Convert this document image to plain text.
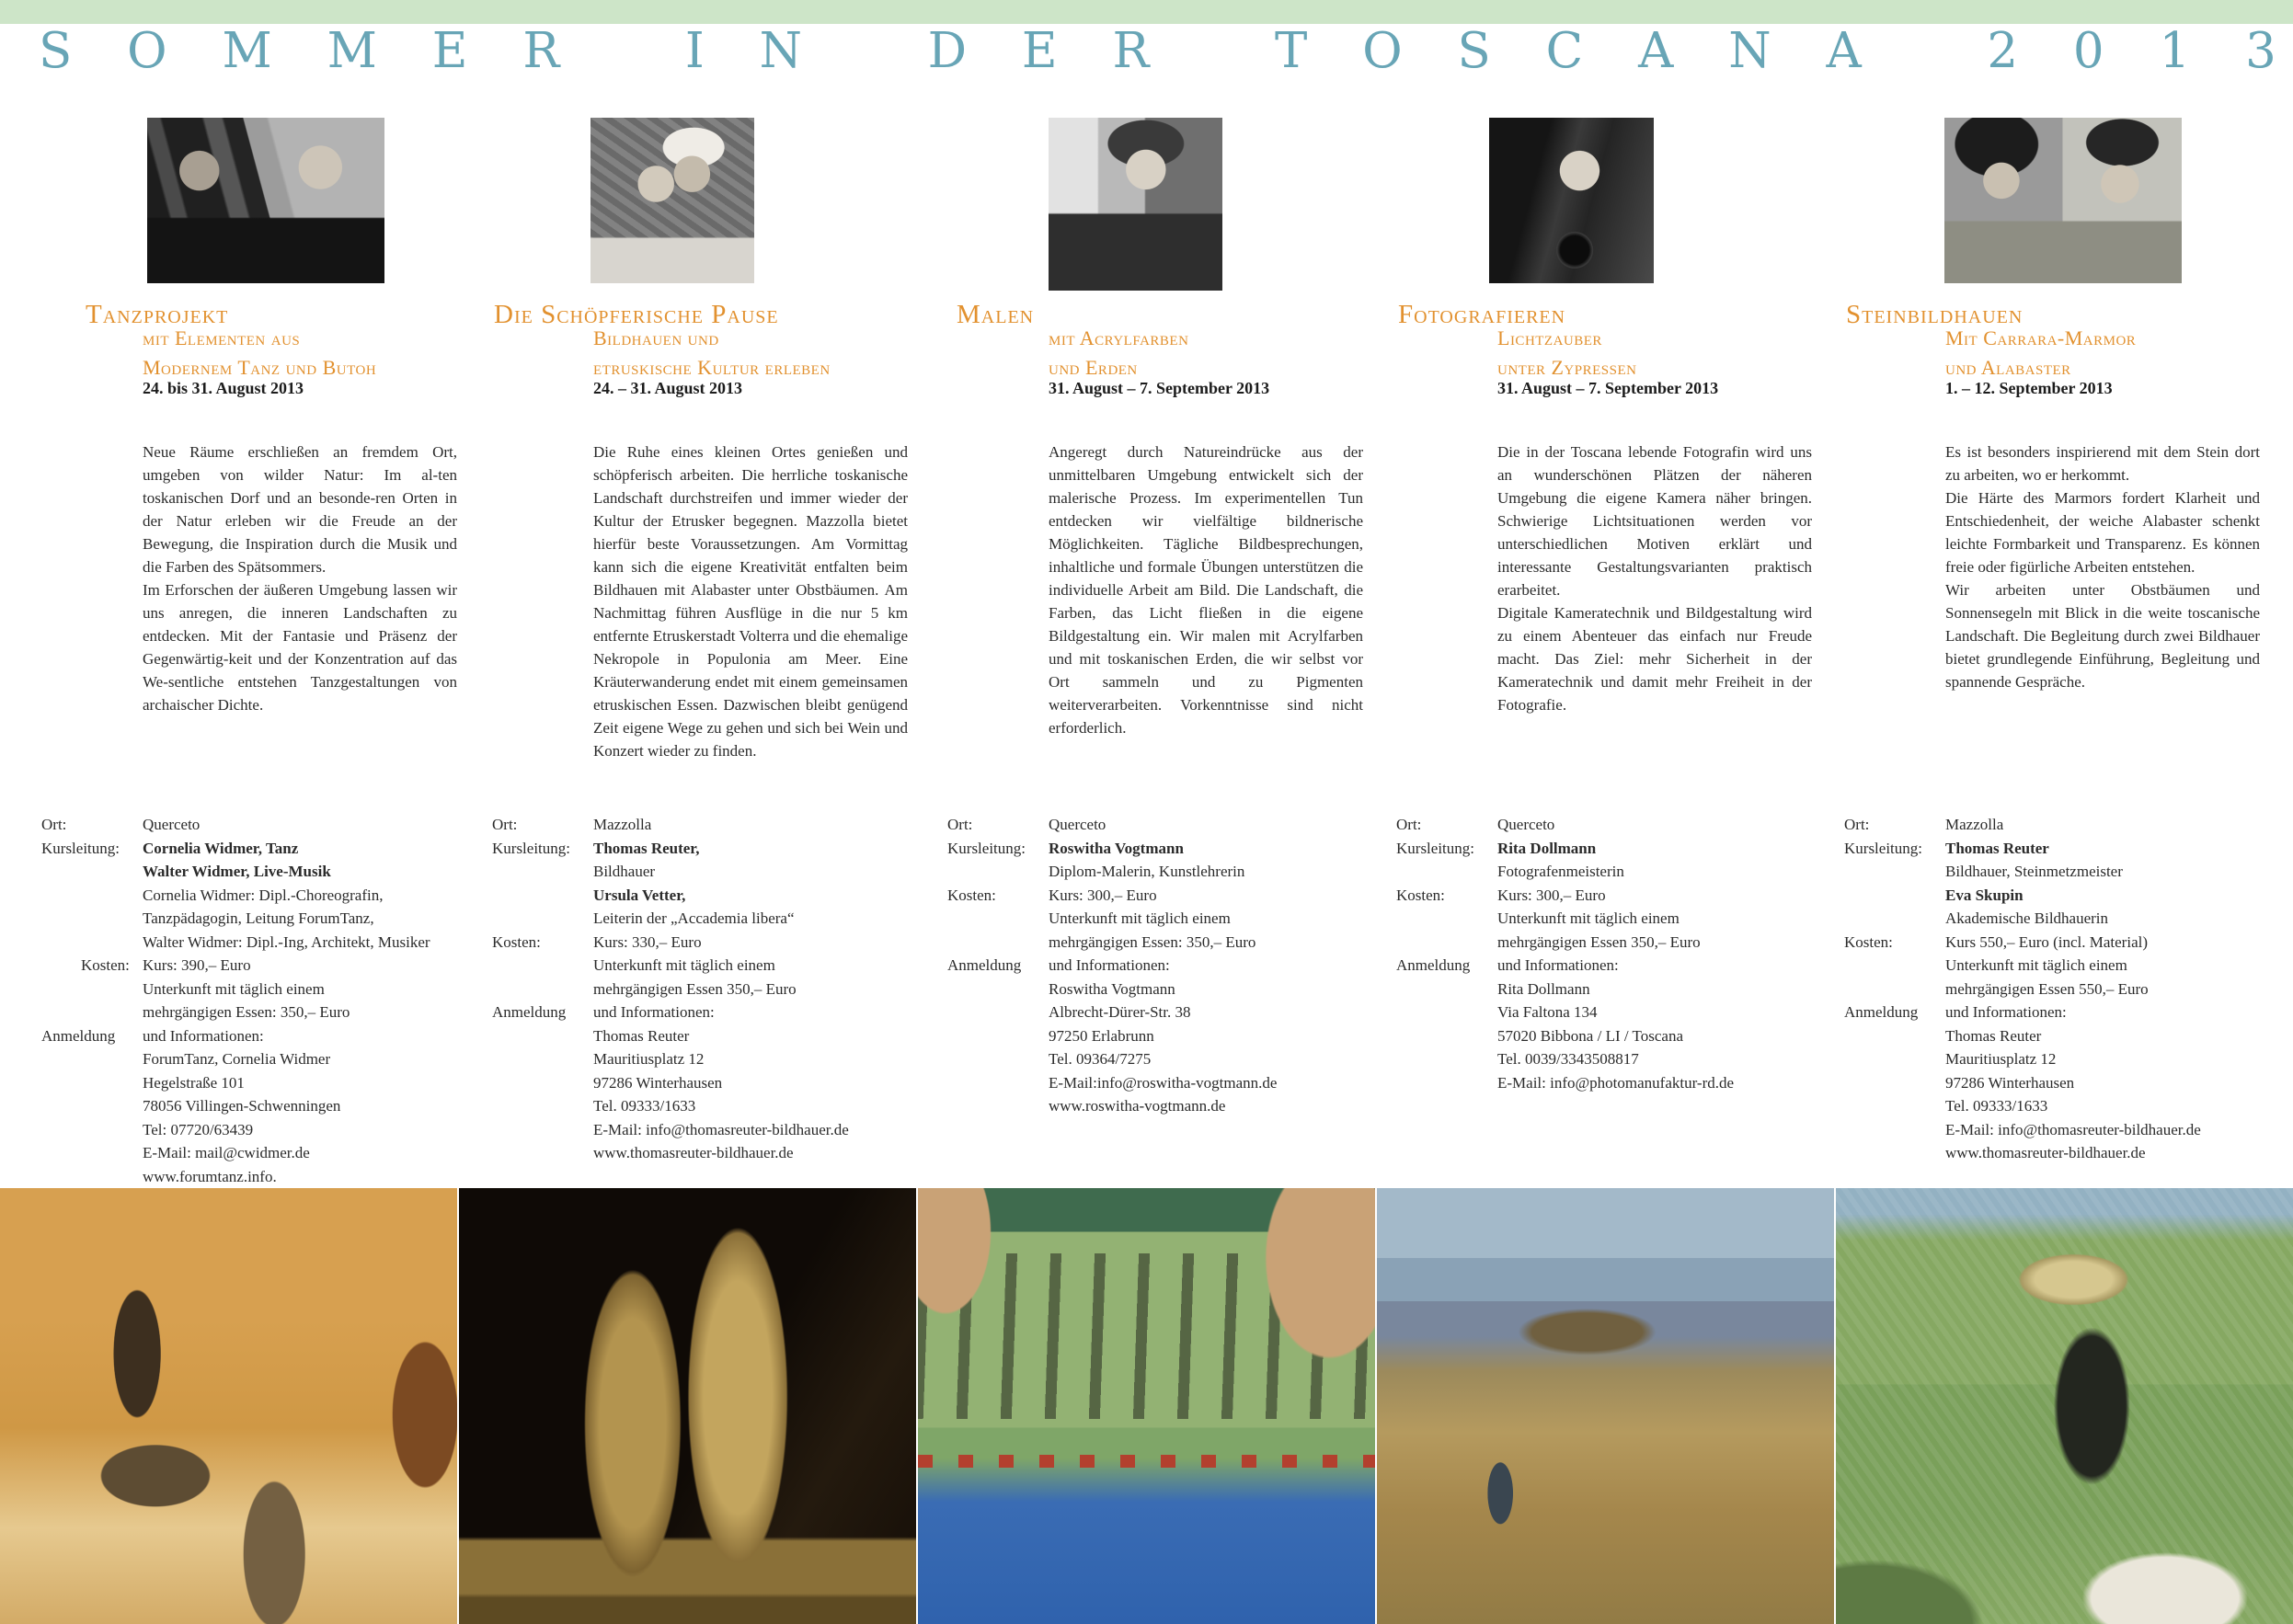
S O M M E R
	I N
	D E R
	T O S C A N A
	2 0 1 3
Tanzprojekt
mit Elementen aus
Modernem Tanz und Butoh
24. bis 31. August 2013

Neue Räume erschließen an fremdem Ort, umgeben von wilder Natur: Im al-ten toskanischen Dorf und an besonde-ren Orten in der Natur erleben wir die Freude an der Bewegung, die Inspiration durch die Musik und die Farben des Spätsommers.

Im Erforschen der äußeren Umgebung lassen wir uns anregen, die inneren Landschaften zu entdecken. Mit der Fantasie und Präsenz der Gegenwärtig-keit und der Konzentration auf das We-sentliche entstehen Tanzgestaltungen von archaischer Dichte.

Ort:	Querceto
Kursleitung:	Cornelia Widmer, Tanz
Walter Widmer, Live-Musik
Cornelia Widmer: Dipl.-Choreografin,
Tanzpädagogin, Leitung ForumTanz,
Walter Widmer: Dipl.-Ing, Architekt, Musiker
Kosten: Kurs: 390,– Euro
Unterkunft mit täglich einem
mehrgängigen Essen: 350,– Euro
Anmeldung	und Informationen:
ForumTanz, Cornelia Widmer
Hegelstraße 101
78056 Villingen-Schwenningen
Tel: 07720/63439
E-Mail: mail@cwidmer.de
www.forumtanz.info.
Die Schöpferische Pause
Bildhauen und
etruskische Kultur erleben
24. – 31. August 2013

Die Ruhe eines kleinen Ortes genießen und schöpferisch arbeiten. Die herrliche toskanische Landschaft durchstreifen und immer wieder der Kultur der Etrusker begegnen. Mazzolla bietet hierfür beste Voraussetzungen. Am Vormittag kann sich die eigene Kreativität entfalten beim Bildhauen mit Alabaster unter Obstbäumen. Am Nachmittag führen Ausflüge in die nur 5 km entfernte Etruskerstadt Volterra und die ehemalige Nekropole in Populonia am Meer. Eine Kräuterwanderung endet mit einem gemeinsamen etruskischen Essen. Dazwischen bleibt genügend Zeit eigene Wege zu gehen und sich bei Wein und Konzert wieder zu finden.

Ort:	Mazzolla
Kursleitung:	Thomas Reuter,
Bildhauer
Ursula Vetter,
Leiterin der „Accademia libera“
Kosten:	Kurs: 330,– Euro
Unterkunft mit täglich einem
mehrgängigen Essen 350,– Euro
Anmeldung	und Informationen:
Thomas Reuter
Mauritiusplatz 12
97286 Winterhausen
Tel. 09333/1633
E-Mail: info@thomasreuter-bildhauer.de
www.thomasreuter-bildhauer.de
Malen
mit Acrylfarben
und Erden
31. August – 7. September 2013

Angeregt durch Natureindrücke aus der unmittelbaren Umgebung entwickelt sich der malerische Prozess. Im experimentellen Tun entdecken wir vielfältige bildnerische Möglichkeiten. Tägliche Bildbesprechungen, inhaltliche und formale Übungen unterstützen die individuelle Arbeit am Bild. Die Landschaft, die Farben, das Licht fließen in die eigene Bildgestaltung ein. Wir malen mit Acrylfarben und mit toskanischen Erden, die wir selbst vor Ort sammeln und zu Pigmenten weiterverarbeiten. Vorkenntnisse sind nicht erforderlich.

Ort:	Querceto
Kursleitung:	Roswitha Vogtmann
Diplom-Malerin, Kunstlehrerin
Kosten:	Kurs: 300,– Euro
Unterkunft mit täglich einem
mehrgängigen Essen: 350,– Euro
Anmeldung	und Informationen:
Roswitha Vogtmann
Albrecht-Dürer-Str. 38
97250 Erlabrunn
Tel. 09364/7275
E-Mail:info@roswitha-vogtmann.de
www.roswitha-vogtmann.de
Fotografieren
Lichtzauber
unter Zypressen
31. August – 7. September 2013

Die in der Toscana lebende Fotografin wird uns an wunderschönen Plätzen der näheren Umgebung die eigene Kamera näher bringen. Schwierige Lichtsituationen werden vor unterschiedlichen Motiven erklärt und interessante Gestaltungsvarianten praktisch erarbeitet.

Digitale Kameratechnik und Bildgestaltung wird zu einem Abenteuer das einfach nur Freude macht. Das Ziel: mehr Sicherheit in der Kameratechnik und damit mehr Freiheit in der Fotografie.

Ort:	Querceto
Kursleitung:	Rita Dollmann
Fotografenmeisterin
Kosten:	Kurs: 300,– Euro
Unterkunft mit täglich einem
mehrgängigen Essen 350,– Euro
Anmeldung	und Informationen:
Rita Dollmann
Via Faltona 134
57020 Bibbona / LI / Toscana
Tel. 0039/3343508817
E-Mail: info@photomanufaktur-rd.de
Steinbildhauen
Mit Carrara-Marmor
und Alabaster
1. – 12. September 2013

Es ist besonders inspirierend mit dem Stein dort zu arbeiten, wo er herkommt.

Die Härte des Marmors fordert Klarheit und Entschiedenheit, der weiche Alabaster schenkt leichte Formbarkeit und Transparenz. Es können freie oder figürliche Arbeiten entstehen.

Wir arbeiten unter Obstbäumen und Sonnensegeln mit Blick in die weite toscanische Landschaft. Die Begleitung durch zwei Bildhauer bietet grundlegende Einführung, Begleitung und spannende Gespräche.

Ort:	Mazzolla
Kursleitung:	Thomas Reuter
Bildhauer, Steinmetzmeister
Eva Skupin
Akademische Bildhauerin
Kosten:	Kurs 550,– Euro (incl. Material)
Unterkunft mit täglich einem
mehrgängigen Essen 550,– Euro
Anmeldung	und Informationen:
Thomas Reuter
Mauritiusplatz 12
97286 Winterhausen
Tel. 09333/1633
E-Mail: info@thomasreuter-bildhauer.de
www.thomasreuter-bildhauer.de
